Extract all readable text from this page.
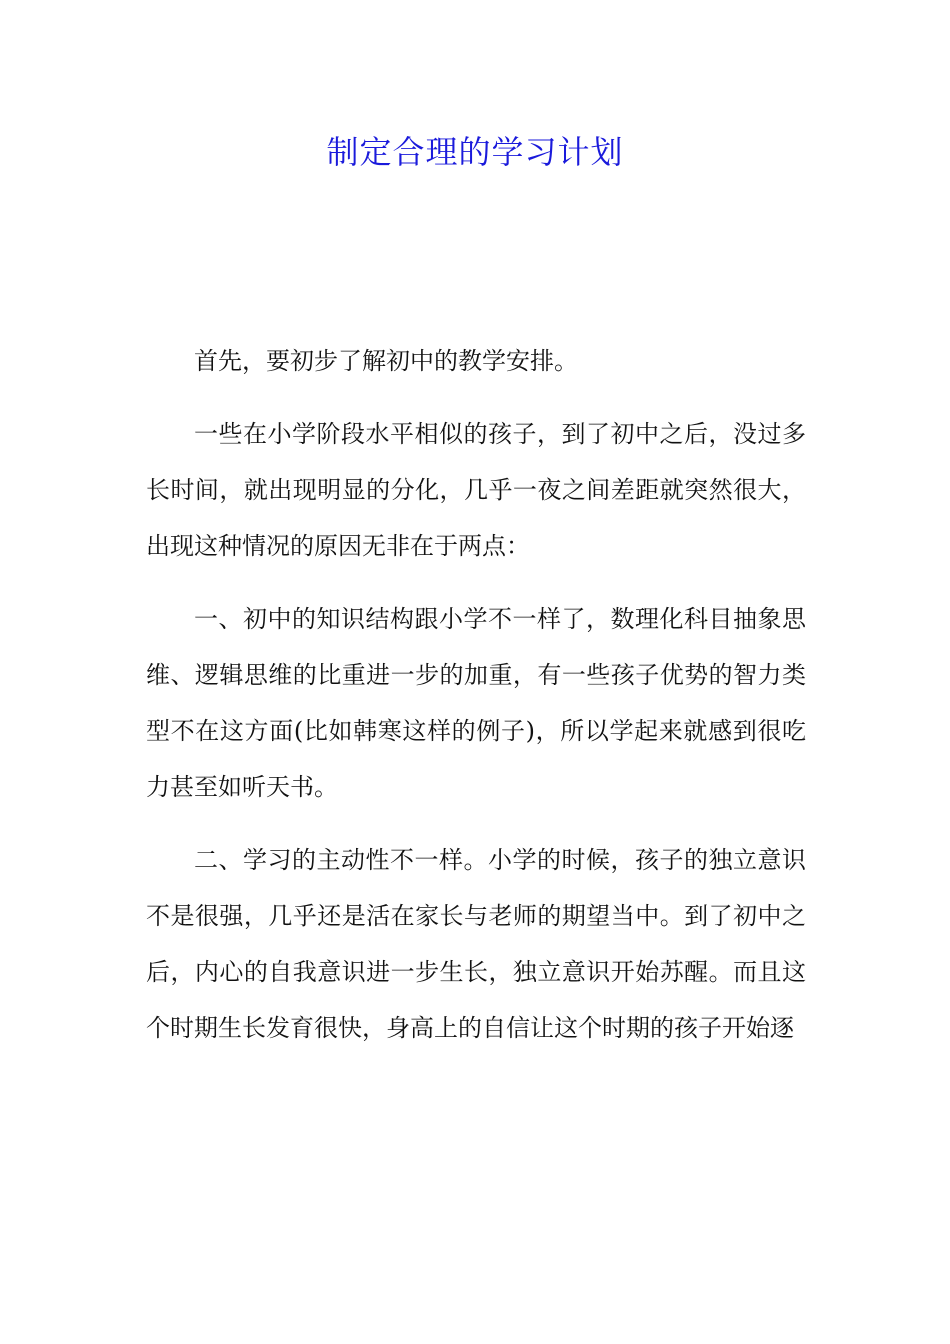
制定合理的学习计划

首先，要初步了解初中的教学安排。

一些在小学阶段水平相似的孩子，到了初中之后，没过多长时间，就出现明显的分化，几乎一夜之间差距就突然很大，出现这种情况的原因无非在于两点：

一、初中的知识结构跟小学不一样了，数理化科目抽象思维、逻辑思维的比重进一步的加重，有一些孩子优势的智力类型不在这方面(比如韩寒这样的例子)，所以学起来就感到很吃力甚至如听天书。

二、学习的主动性不一样。小学的时候，孩子的独立意识不是很强，几乎还是活在家长与老师的期望当中。到了初中之后，内心的自我意识进一步生长，独立意识开始苏醒。而且这个时期生长发育很快，身高上的自信让这个时期的孩子开始逐
